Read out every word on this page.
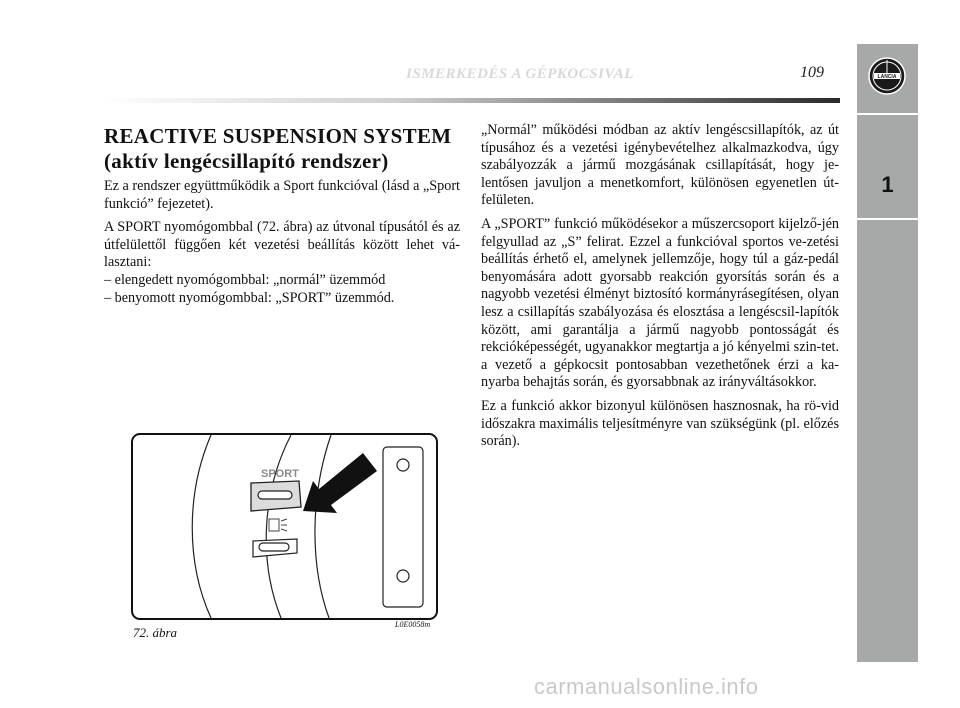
ISMERKEDÉS A GÉPKOCSIVAL	109	LANCIA
1
REACTIVE SUSPENSION SYSTEM
(aktív lengécsillapító rendszer)

Ez a rendszer együttműködik a Sport funkcióval (lásd a „Sport funkció” fejezetet).

A SPORT nyomógombbal (72. ábra) az útvonal típusától és az útfelülettől függően két vezetési beállítás között lehet vá-lasztani:

– elengedett nyomógombbal: „normál” üzemmód
– benyomott nyomógombbal: „SPORT” üzemmód.

„Normál” működési módban az aktív lengéscsillapítók, az út típusához és a vezetési igénybevételhez alkalmazkodva, úgy szabályozzák a jármű mozgásának csillapítását, hogy je-lentősen javuljon a menetkomfort, különösen egyenetlen út-felületen.

A „SPORT” funkció működésekor a műszercsoport kijelző-jén felgyullad az „S” felirat. Ezzel a funkcióval sportos ve-zetési beállítás érhető el, amelynek jellemzője, hogy túl a gáz-pedál benyomására adott gyorsabb reakción gyorsítás során és a nagyobb vezetési élményt biztosító kormányrásegítésen, olyan lesz a csillapítás szabályozása és elosztása a lengéscsil-lapítók között, ami garantálja a jármű nagyobb pontosságát és rekcióképességét, ugyanakkor megtartja a jó kényelmi szin-tet. a vezető a gépkocsit pontosabban vezethetőnek érzi a ka-nyarba behajtás során, és gyorsabbnak az irányváltásokkor.

Ez a funkció akkor bizonyul különösen hasznosnak, ha rö-vid időszakra maximális teljesítményre van szükségünk (pl. előzés során).

SPORT
72. ábra
L0E0058m
carmanualsonline.info
